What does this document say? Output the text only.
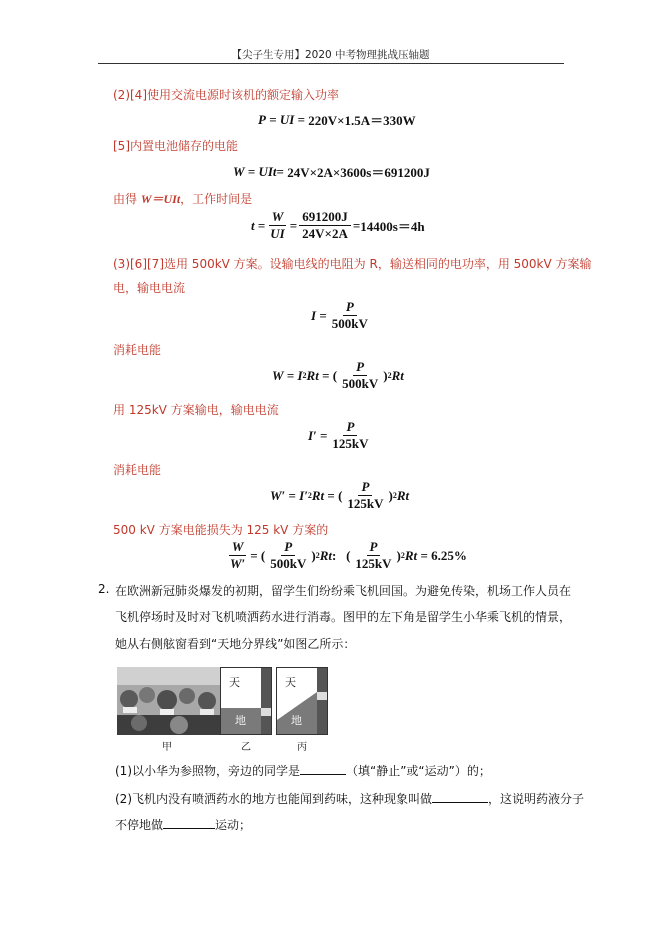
【尖子生专用】2020 中考物理挑战压轴题
(2)[4]使用交流电源时该机的额定输入功率
P = UI = 220V×1.5A＝330W
[5]内置电池储存的电能
W = UIt = 24V×2A×3600s＝691200J
由得 W＝UIt，工作时间是
$t = \frac{W}{UI} = \frac{691200J}{24V\times 2A} = 14400s=4h$
(3)[6][7]选用 500kV 方案。设输电线的电阻为 R，输送相同的电功率，用 500kV 方案输
电，输电电流
$I = \frac{P}{500kV}$
消耗电能
W = I 2 Rt = ( $\frac{P}{500kV}$ ) 2 Rt
用 125kV 方案输电，输电电流
$I' = \frac{P}{125kV}$
消耗电能
W′ = I′ 2 Rt = ( $\frac{P}{125kV}$ ) 2 Rt
500 kV 方案电能损失为 125 kV 方案的
$\frac{W}{W'}$ = ( $\frac{P}{500kV}$ ) 2 Rt : ( $\frac{P}{125kV}$ ) 2 Rt = 6.25%
2. 在欧洲新冠肺炎爆发的初期，留学生们纷纷乘飞机回国。为避免传染，机场工作人员在
飞机停场时及时对飞机喷洒药水进行消毒。图甲的左下角是留学生小华乘飞机的情景，
她从右侧舷窗看到“天地分界线”如图乙所示：
甲
天
地
乙
天
地
丙
(1)以小华为参照物，旁边的同学是	（填“静止”或“运动”）的；
(2)飞机内没有喷洒药水的地方也能闻到药味，这种现象叫做	，这说明药液分子
不停地做	运动；
